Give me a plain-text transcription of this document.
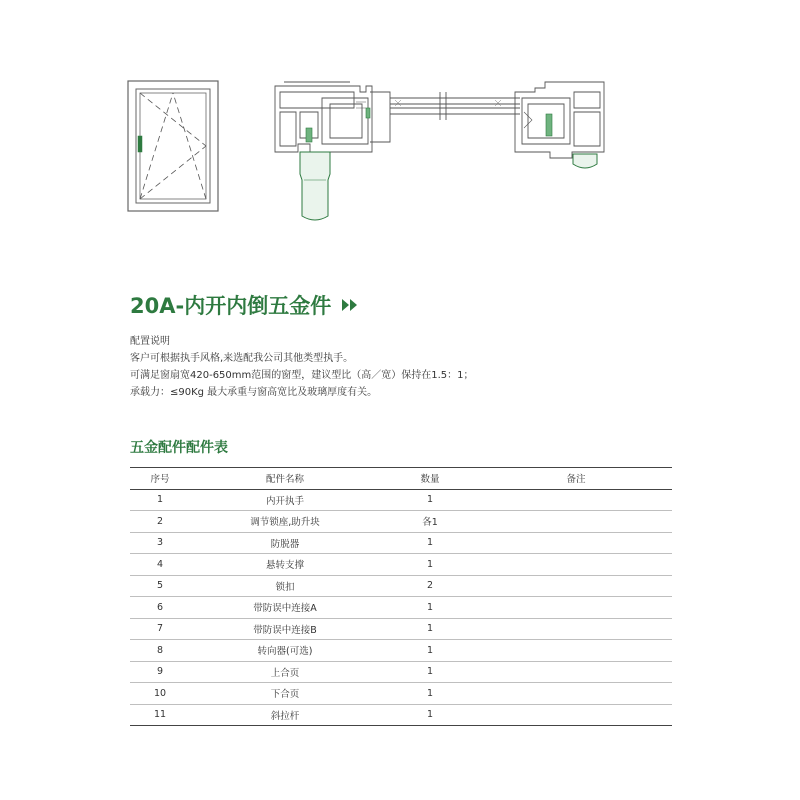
20A-内开内倒五金件
配置说明
客户可根据执手风格,来选配我公司其他类型执手。
可满足窗扇宽420-650mm范围的窗型，建议型比（高／宽）保持在1.5：1；
承载力：≤90Kg 最大承重与窗高宽比及玻璃厚度有关。
五金配件配件表
序号	配件名称	数量	备注
1	内开执手	1	
2	调节锁座,助升块	各1	
3	防脱器	1	
4	悬转支撑	1	
5	锁扣	2	
6	带防误中连接A	1	
7	带防误中连接B	1	
8	转向器(可选)	1	
9	上合页	1	
10	下合页	1	
11	斜拉杆	1	
